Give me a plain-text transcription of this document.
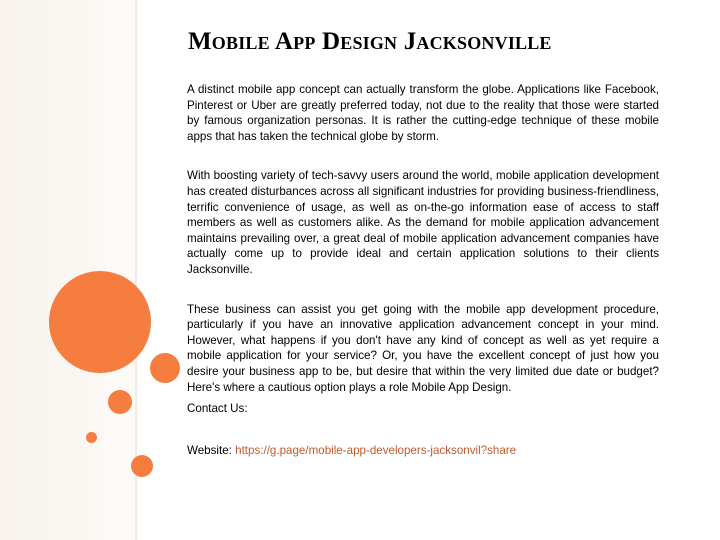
Mobile App Design Jacksonville

A distinct mobile app concept can actually transform the globe. Applications like Facebook, Pinterest or Uber are greatly preferred today, not due to the reality that those were started by famous organization personas. It is rather the cutting-edge technique of these mobile apps that has taken the technical globe by storm.

With boosting variety of tech-savvy users around the world, mobile application development has created disturbances across all significant industries for providing business-friendliness, terrific convenience of usage, as well as on-the-go information ease of access to staff members as well as customers alike. As the demand for mobile application advancement maintains prevailing over, a great deal of mobile application advancement companies have actually come up to provide ideal and certain application solutions to their clients Jacksonville.

These business can assist you get going with the mobile app development procedure, particularly if you have an innovative application advancement concept in your mind. However, what happens if you don't have any kind of concept as well as yet require a mobile application for your service? Or, you have the excellent concept of just how you desire your business app to be, but desire that within the very limited due date or budget? Here's where a cautious option plays a role Mobile App Design.

Contact Us:

Website: https://g.page/mobile-app-developers-jacksonvil?share
